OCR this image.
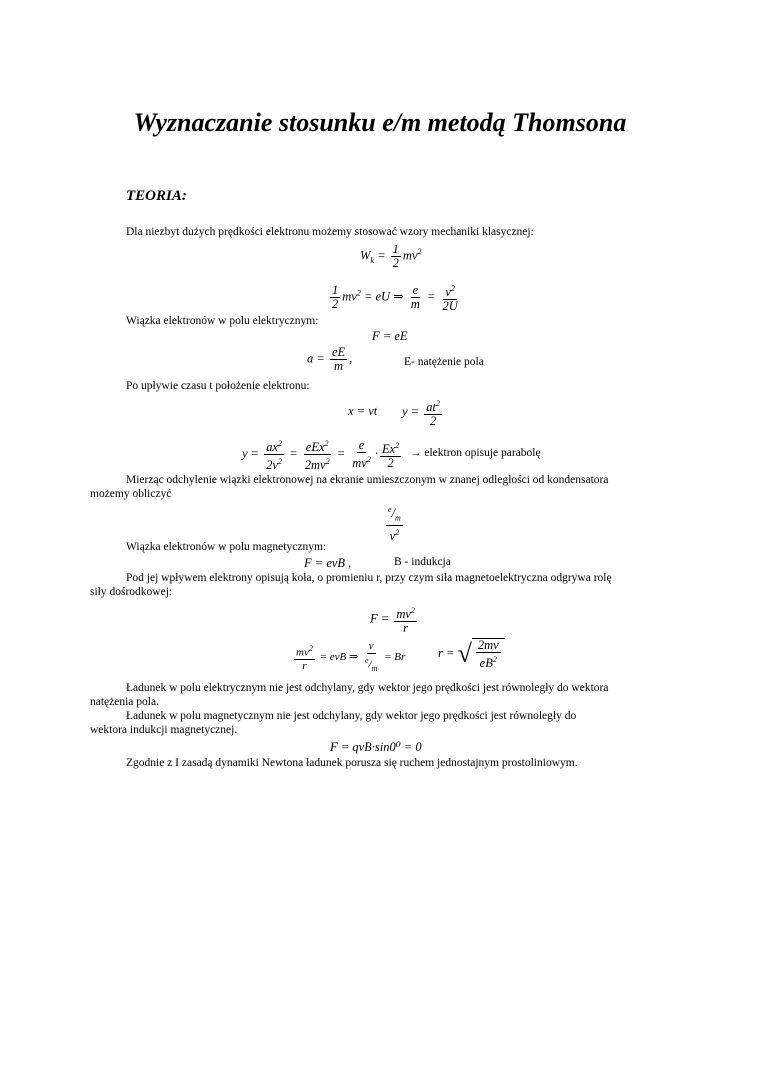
Wyznaczanie stosunku e/m metodą Thomsona
TEORIA:
Dla niezbyt dużych prędkości elektronu możemy stosować wzory mechaniki klasycznej:
$W_k = \frac{1}{2} mv^2$
$\frac{1}{2} mv^2$ = eU ⇒ $\frac{e}{m} = \frac{v^2}{2U}$
Wiązka elektronów w polu elektrycznym:
F = eE
$a = \frac{eE}{m}$ ,	E- natężenie pola
Po upływie czasu t położenie elektronu:
x = vt $y = \frac{at^2}{2}$
$y = \frac{ax^2}{2v^2} = \frac{eEx^2}{2mv^2} = \frac{e}{mv^2} \cdot \frac{Ex^2}{2}$ → elektron opisuje parabolę
Mierząc odchylenie wiązki elektronowej na ekranie umieszczonym w znanej odległości od kondensatora
możemy obliczyć
$\frac{^e/_m}{v^2}$
Wiązka elektronów w polu magnetycznym:
F = evB ,	B - indukcja
Pod jej wpływem elektrony opisują koła, o promieniu r, przy czym siła magnetoelektryczna odgrywa rolę
siły dośrodkowej:
$F = \frac{mv^2}{r}$
$\frac{mv^2}{r}$ = evB ⇒ $\frac{v}{^e/_m} = Br$	r = √ $\frac{2mv}{eB^2}$
Ładunek w polu elektrycznym nie jest odchylany, gdy wektor jego prędkości jest równoległy do wektora
natężenia pola.
Ładunek w polu magnetycznym nie jest odchylany, gdy wektor jego prędkości jest równoległy do
wektora indukcji magnetycznej.
F = qvB·sin0⁰ = 0
Zgodnie z I zasadą dynamiki Newtona ładunek porusza się ruchem jednostajnym prostoliniowym.
